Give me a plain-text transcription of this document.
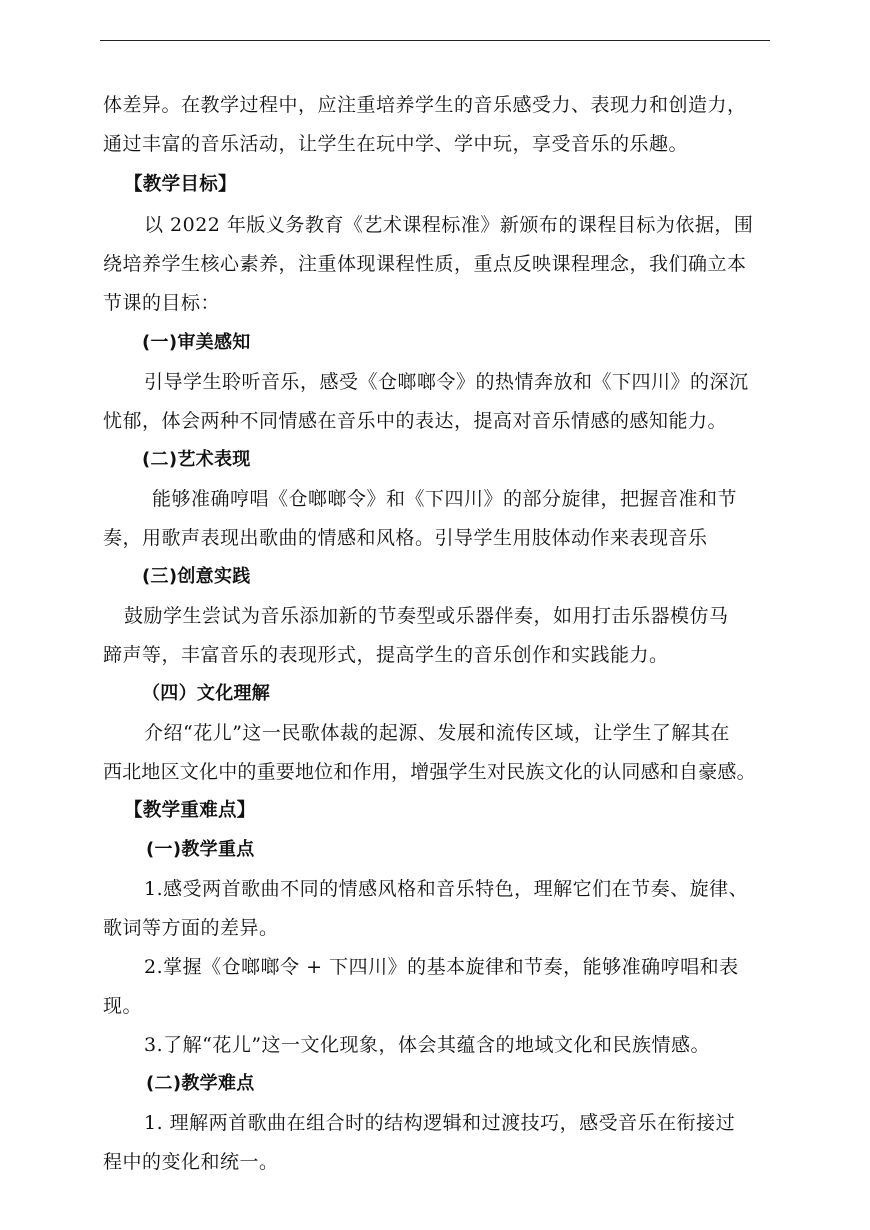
体差异。在教学过程中，应注重培养学生的音乐感受力、表现力和创造力，

通过丰富的音乐活动，让学生在玩中学、学中玩，享受音乐的乐趣。

【教学目标】

以 2022 年版义务教育《艺术课程标准》新颁布的课程目标为依据，围

绕培养学生核心素养，注重体现课程性质，重点反映课程理念，我们确立本

节课的目标：

(一)审美感知

引导学生聆听音乐，感受《仓啷啷令》的热情奔放和《下四川》的深沉

忧郁，体会两种不同情感在音乐中的表达，提高对音乐情感的感知能力。

(二)艺术表现

能够准确哼唱《仓啷啷令》和《下四川》的部分旋律，把握音准和节

奏，用歌声表现出歌曲的情感和风格。引导学生用肢体动作来表现音乐

(三)创意实践

鼓励学生尝试为音乐添加新的节奏型或乐器伴奏，如用打击乐器模仿马

蹄声等，丰富音乐的表现形式，提高学生的音乐创作和实践能力。

（四）文化理解

介绍“花儿”这一民歌体裁的起源、发展和流传区域，让学生了解其在

西北地区文化中的重要地位和作用，增强学生对民族文化的认同感和自豪感。

【教学重难点】

(一)教学重点

1.感受两首歌曲不同的情感风格和音乐特色，理解它们在节奏、旋律、

歌词等方面的差异。

2.掌握《仓啷啷令 + 下四川》的基本旋律和节奏，能够准确哼唱和表

现。

3.了解“花儿”这一文化现象，体会其蕴含的地域文化和民族情感。

(二)教学难点

1. 理解两首歌曲在组合时的结构逻辑和过渡技巧，感受音乐在衔接过

程中的变化和统一。
